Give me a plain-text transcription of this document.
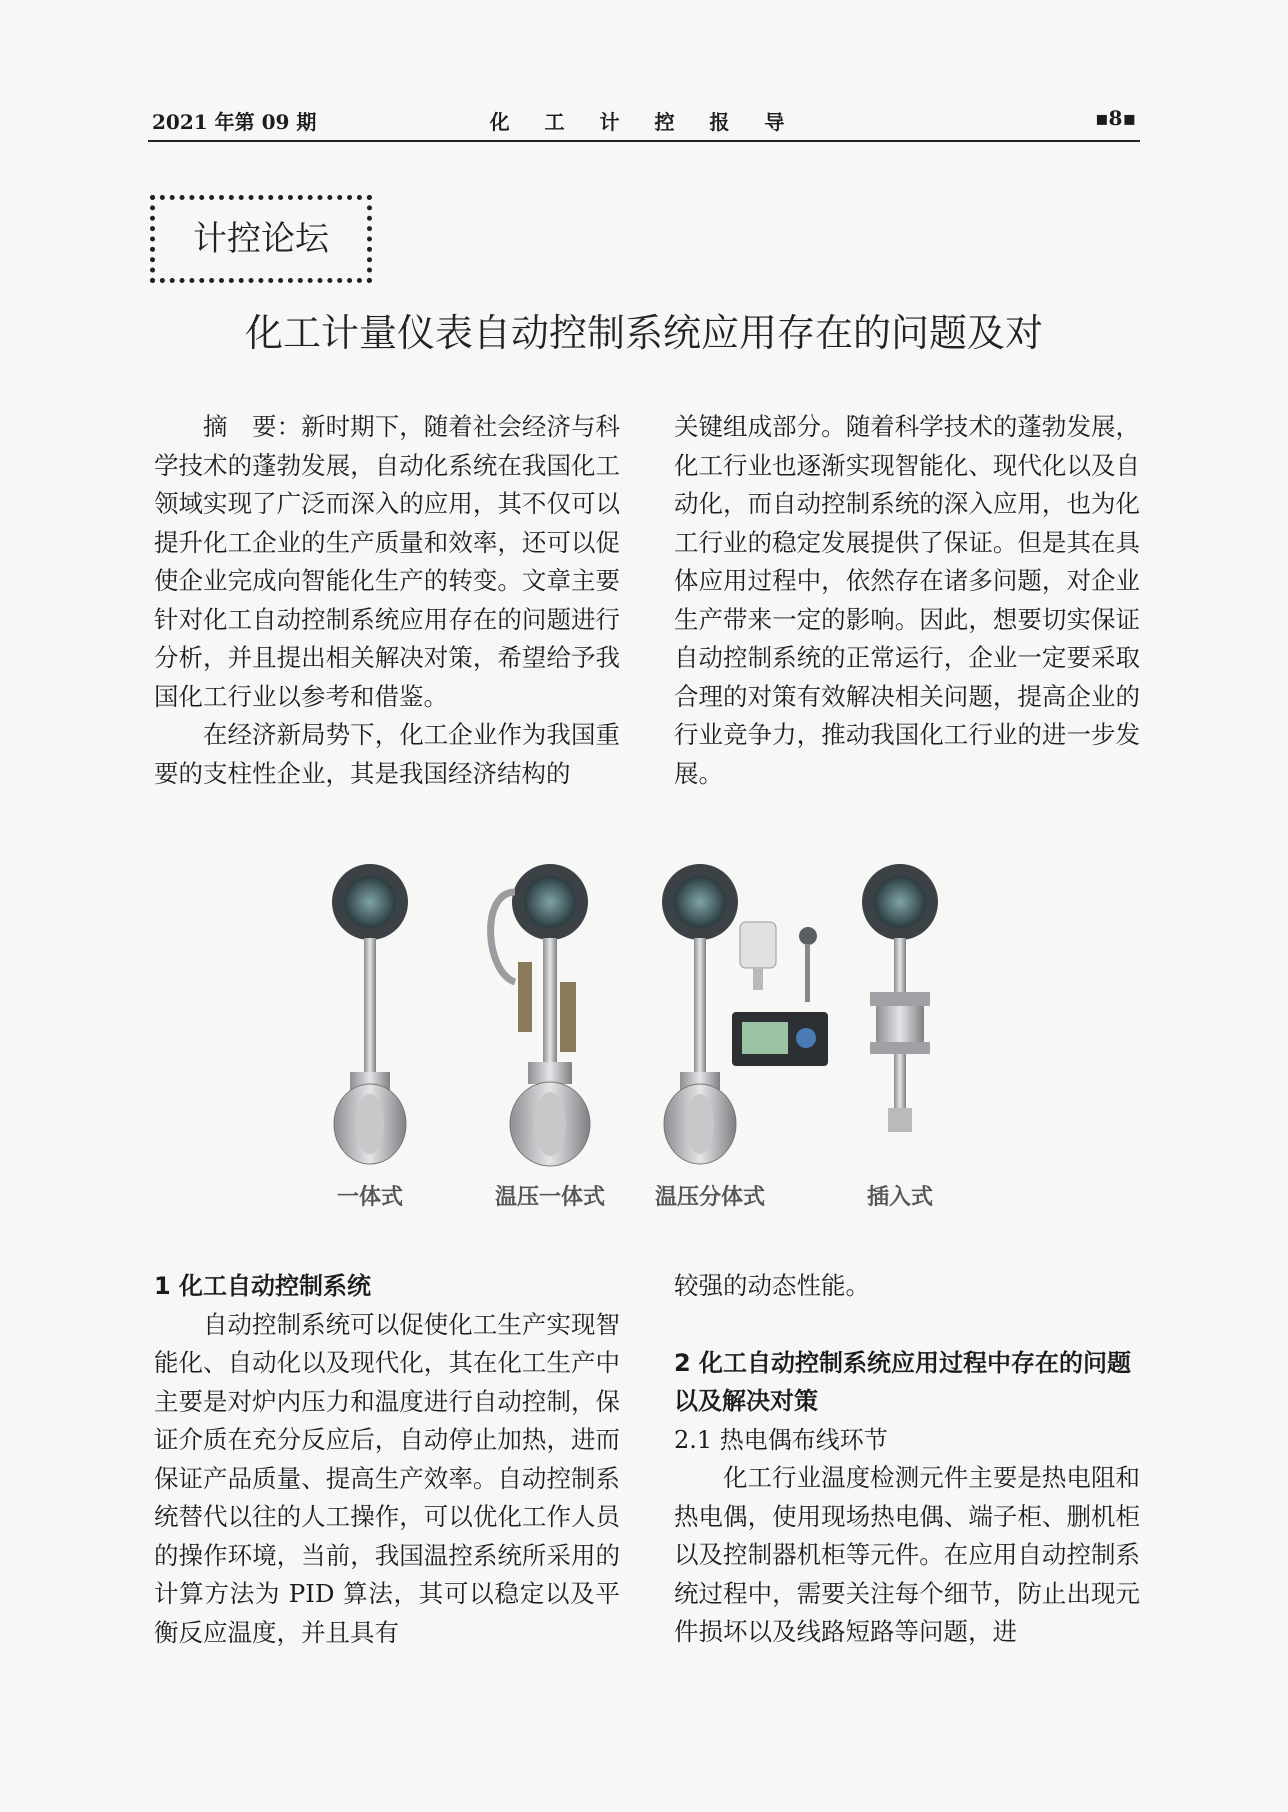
2021 年第 09 期	化 工 计 控 报 导	▪8▪
计控论坛
化工计量仪表自动控制系统应用存在的问题及对

摘　要：新时期下，随着社会经济与科学技术的蓬勃发展，自动化系统在我国化工领域实现了广泛而深入的应用，其不仅可以提升化工企业的生产质量和效率，还可以促使企业完成向智能化生产的转变。文章主要针对化工自动控制系统应用存在的问题进行分析，并且提出相关解决对策，希望给予我国化工行业以参考和借鉴。

在经济新局势下，化工企业作为我国重要的支柱性企业，其是我国经济结构的

关键组成部分。随着科学技术的蓬勃发展，化工行业也逐渐实现智能化、现代化以及自动化，而自动控制系统的深入应用，也为化工行业的稳定发展提供了保证。但是其在具体应用过程中，依然存在诸多问题，对企业生产带来一定的影响。因此，想要切实保证自动控制系统的正常运行，企业一定要采取合理的对策有效解决相关问题，提高企业的行业竞争力，推动我国化工行业的进一步发展。

一体式	温压一体式 温压分体式	插入式
1 化工自动控制系统

自动控制系统可以促使化工生产实现智能化、自动化以及现代化，其在化工生产中主要是对炉内压力和温度进行自动控制，保证介质在充分反应后，自动停止加热，进而保证产品质量、提高生产效率。自动控制系统替代以往的人工操作，可以优化工作人员的操作环境，当前，我国温控系统所采用的计算方法为 PID 算法，其可以稳定以及平衡反应温度，并且具有

较强的动态性能。

2 化工自动控制系统应用过程中存在的问题以及解决对策
2.1 热电偶布线环节

化工行业温度检测元件主要是热电阻和热电偶，使用现场热电偶、端子柜、删机柜以及控制器机柜等元件。在应用自动控制系统过程中，需要关注每个细节，防止出现元件损坏以及线路短路等问题，进
